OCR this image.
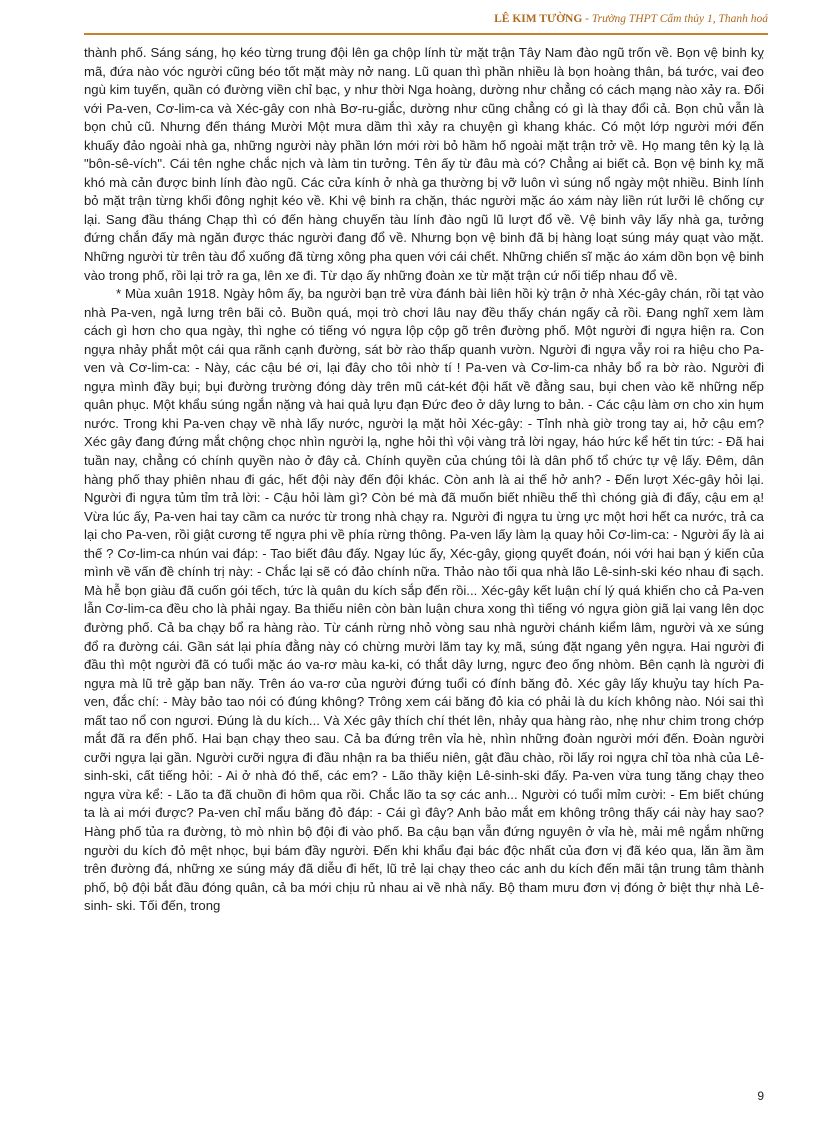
LÊ KIM TƯỜNG - Trường THPT Cẩm thủy 1, Thanh hoá

thành phố. Sáng sáng, họ kéo từng trung đội lên ga chộp lính từ mặt trận Tây Nam đào ngũ trốn về. Bọn vệ binh kỵ mã, đứa nào vóc người cũng béo tốt mặt mày nở nang. Lũ quan thì phần nhiều là bọn hoàng thân, bá tước, vai đeo ngù kim tuyến, quần có đường viền chỉ bạc, y như thời Nga hoàng, dường như chẳng có cách mạng nào xảy ra. Đối với Pa-ven, Cơ-lim-ca và Xéc-gây con nhà Bơ-ru-giắc, dường như cũng chẳng có gì là thay đổi cả. Bọn chủ vẫn là bọn chủ cũ. Nhưng đến tháng Mười Một mưa dầm thì xảy ra chuyện gì khang khác. Có một lớp người mới đến khuấy đảo ngoài nhà ga, những người này phần lớn mới rời bỏ hầm hố ngoài mặt trận trở về. Họ mang tên kỳ lạ là "bôn-sê-vích". Cái tên nghe chắc nịch và làm tin tưởng. Tên ấy từ đâu mà có? Chẳng ai biết cả. Bọn vệ binh kỵ mã khó mà cản được binh lính đào ngũ. Các cửa kính ở nhà ga thường bị vỡ luôn vì súng nổ ngày một nhiều. Binh lính bỏ mặt trận từng khối đông nghịt kéo về. Khi vệ binh ra chặn, thác người mặc áo xám này liền rút lưỡi lê chống cự lại. Sang đầu tháng Chạp thì có đến hàng chuyến tàu lính đào ngũ lũ lượt đổ về. Vệ binh vây lấy nhà ga, tưởng đứng chắn đấy mà ngăn được thác người đang đổ về. Nhưng bọn vệ binh đã bị hàng loạt súng máy quạt vào mặt. Những người từ trên tàu đổ xuống đã từng xông pha quen với cái chết. Những chiến sĩ mặc áo xám dồn bọn vệ binh vào trong phố, rồi lại trở ra ga, lên xe đi. Từ dạo ấy những đoàn xe từ mặt trận cứ nối tiếp nhau đổ về.

* Mùa xuân 1918. Ngày hôm ấy, ba người bạn trẻ vừa đánh bài liên hồi kỳ trận ở nhà Xéc-gây chán, rồi tạt vào nhà Pa-ven, ngả lưng trên bãi cỏ. Buồn quá, mọi trò chơi lâu nay đều thấy chán ngấy cả rồi. Đang nghĩ xem làm cách gì hơn cho qua ngày, thì nghe có tiếng vó ngựa lộp cộp gõ trên đường phố. Một người đi ngựa hiện ra. Con ngựa nhảy phắt một cái qua rãnh cạnh đường, sát bờ rào thấp quanh vườn. Người đi ngựa vẫy roi ra hiệu cho Pa-ven và Cơ-lim-ca: - Này, các cậu bé ơi, lại đây cho tôi nhờ tí ! Pa-ven và Cơ-lim-ca nhảy bổ ra bờ rào. Người đi ngựa mình đầy bụi; bụi đường trường đóng dày trên mũ cát-két đội hất về đằng sau, bụi chen vào kẽ những nếp quân phục. Một khẩu súng ngắn nặng và hai quả lựu đạn Đức đeo ở dây lưng to bản. - Các cậu làm ơn cho xin hụm nước. Trong khi Pa-ven chạy về nhà lấy nước, người lạ mặt hỏi Xéc-gây: - Tỉnh nhà giờ trong tay ai, hở cậu em? Xéc gây đang đứng mắt chộng chọc nhìn người lạ, nghe hỏi thì vội vàng trả lời ngay, háo hức kể hết tin tức: - Đã hai tuần nay, chẳng có chính quyền nào ở đây cả. Chính quyền của chúng tôi là dân phố tổ chức tự vệ lấy. Đêm, dân hàng phố thay phiên nhau đi gác, hết đội này đến đội khác. Còn anh là ai thế hở anh? - Đến lượt Xéc-gây hỏi lại. Người đi ngựa tủm tỉm trả lời: - Cậu hỏi làm gì? Còn bé mà đã muốn biết nhiều thế thì chóng già đi đấy, cậu em ạ! Vừa lúc ấy, Pa-ven hai tay cầm ca nước từ trong nhà chạy ra. Người đi ngựa tu ừng ực một hơi hết ca nước, trả ca lại cho Pa-ven, rồi giật cương tế ngựa phi về phía rừng thông. Pa-ven lấy làm lạ quay hỏi Cơ-lim-ca: - Người ấy là ai thế ? Cơ-lim-ca nhún vai đáp: - Tao biết đâu đấy. Ngay lúc ấy, Xéc-gây, giọng quyết đoán, nói với hai bạn ý kiến của mình về vấn đề chính trị này: - Chắc lại sẽ có đảo chính nữa. Thảo nào tối qua nhà lão Lê-sinh-ski kéo nhau đi sạch. Mà hễ bọn giàu đã cuốn gói tếch, tức là quân du kích sắp đến rồi... Xéc-gây kết luận chí lý quá khiến cho cả Pa-ven lẫn Cơ-lim-ca đều cho là phải ngay. Ba thiếu niên còn bàn luận chưa xong thì tiếng vó ngựa giòn giã lại vang lên dọc đường phố. Cả ba chạy bổ ra hàng rào. Từ cánh rừng nhỏ vòng sau nhà người chánh kiểm lâm, người và xe súng đổ ra đường cái. Gần sát lại phía đằng này có chừng mười lăm tay kỵ mã, súng đặt ngang yên ngựa. Hai người đi đầu thì một người đã có tuổi mặc áo va-rơ màu ka-ki, có thắt dây lưng, ngực đeo ống nhòm. Bên cạnh là người đi ngựa mà lũ trẻ gặp ban nãy. Trên áo va-rơ của người đứng tuổi có đính băng đỏ. Xéc gây lấy khuỷu tay hích Pa-ven, đắc chí: - Mày bảo tao nói có đúng không? Trông xem cái băng đỏ kia có phải là du kích không nào. Nói sai thì mất tao nổ con ngươi. Đúng là du kích... Và Xéc gây thích chí thét lên, nhảy qua hàng rào, nhẹ như chim trong chớp mắt đã ra đến phố. Hai bạn chạy theo sau. Cả ba đứng trên vỉa hè, nhìn những đoàn người mới đến. Đoàn người cưỡi ngựa lại gần. Người cưỡi ngựa đi đầu nhận ra ba thiếu niên, gật đầu chào, rồi lấy roi ngựa chỉ tòa nhà của Lê-sinh-ski, cất tiếng hỏi: - Ai ở nhà đó thế, các em? - Lão thầy kiện Lê-sinh-ski đấy. Pa-ven vừa tung tăng chạy theo ngựa vừa kể: - Lão ta đã chuồn đi hôm qua rồi. Chắc lão ta sợ các anh... Người có tuổi mỉm cười: - Em biết chúng ta là ai mới được? Pa-ven chỉ mẩu băng đỏ đáp: - Cái gì đây? Anh bảo mắt em không trông thấy cái này hay sao? Hàng phố tủa ra đường, tò mò nhìn bộ đội đi vào phố. Ba cậu bạn vẫn đứng nguyên ở vỉa hè, mải mê ngắm những người du kích đỏ mệt nhọc, bụi bám đầy người. Đến khi khẩu đại bác độc nhất của đơn vị đã kéo qua, lăn ầm ầm trên đường đá, những xe súng máy đã diễu đi hết, lũ trẻ lại chạy theo các anh du kích đến mãi tận trung tâm thành phố, bộ đội bắt đầu đóng quân, cả ba mới chịu rủ nhau ai về nhà nấy. Bộ tham mưu đơn vị đóng ở biệt thự nhà Lê-sinh- ski. Tối đến, trong

9
